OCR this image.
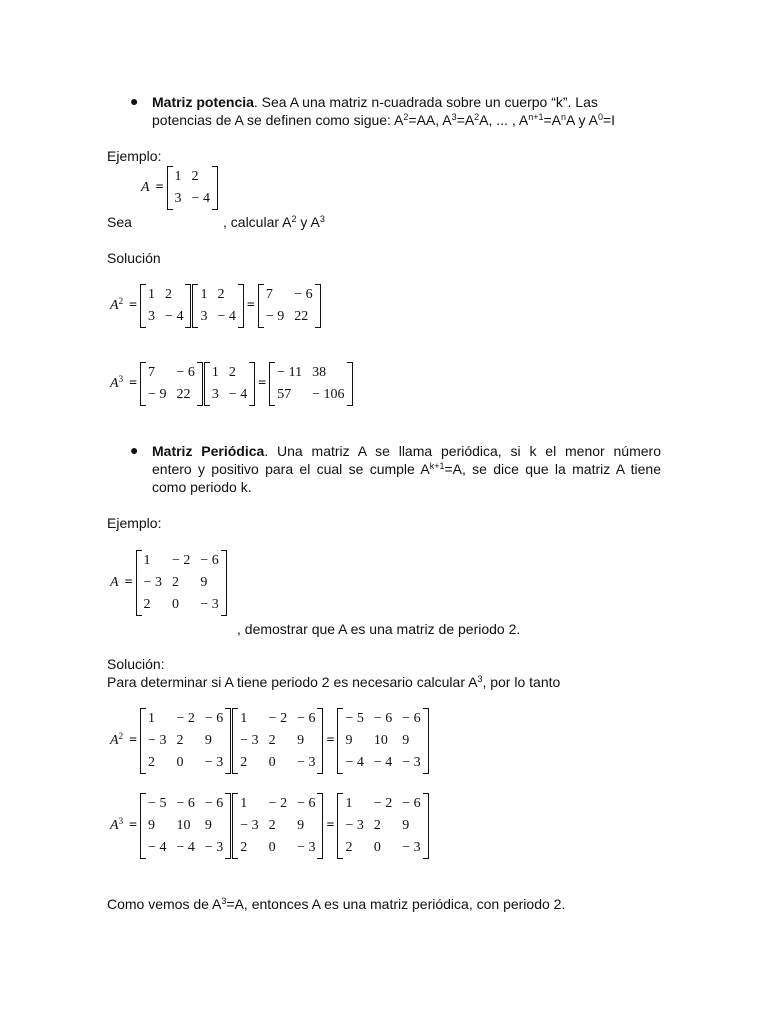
● Matriz potencia. Sea A una matriz n-cuadrada sobre un cuerpo “k”. Las
potencias de A se definen como sigue: $A^2=AA$, $A^3=A^2A$, ... , $A^{n+1}=A^nA$ y $A^0=I$
Ejemplo:
A =
1 2
3 − 4
Sea	, calcular $A^2$ y $A^3$
Solución
$A^2$ =
1 2
3 − 4
1 2
3 − 4
=
7	− 6
− 9 22
$A^3$ =
7	− 6
− 9 22
1 2
3 − 4
=
− 11 38
57	− 106
● Matriz Periódica. Una matriz A se llama periódica, si k el menor número
entero y positivo para el cual se cumple $A^{k+1}=A$, se dice que la matriz A tiene
como periodo k.
Ejemplo:
A =
1	− 2 − 6
− 3 2	9
2	0	− 3
, demostrar que A es una matriz de periodo 2.
Solución:
Para determinar si A tiene periodo 2 es necesario calcular $A^3$, por lo tanto
$A^2$ =
1	− 2 − 6
− 3 2	9
2	0	− 3
1	− 2 − 6
− 3 2	9
2	0	− 3
=
− 5 − 6 − 6
9	10	9
− 4 − 4 − 3
$A^3$ =
− 5 − 6 − 6
9	10	9
− 4 − 4 − 3
1	− 2 − 6
− 3 2	9
2	0	− 3
=
1	− 2 − 6
− 3 2	9
2	0	− 3
Como vemos de $A^3=A$, entonces A es una matriz periódica, con periodo 2.
